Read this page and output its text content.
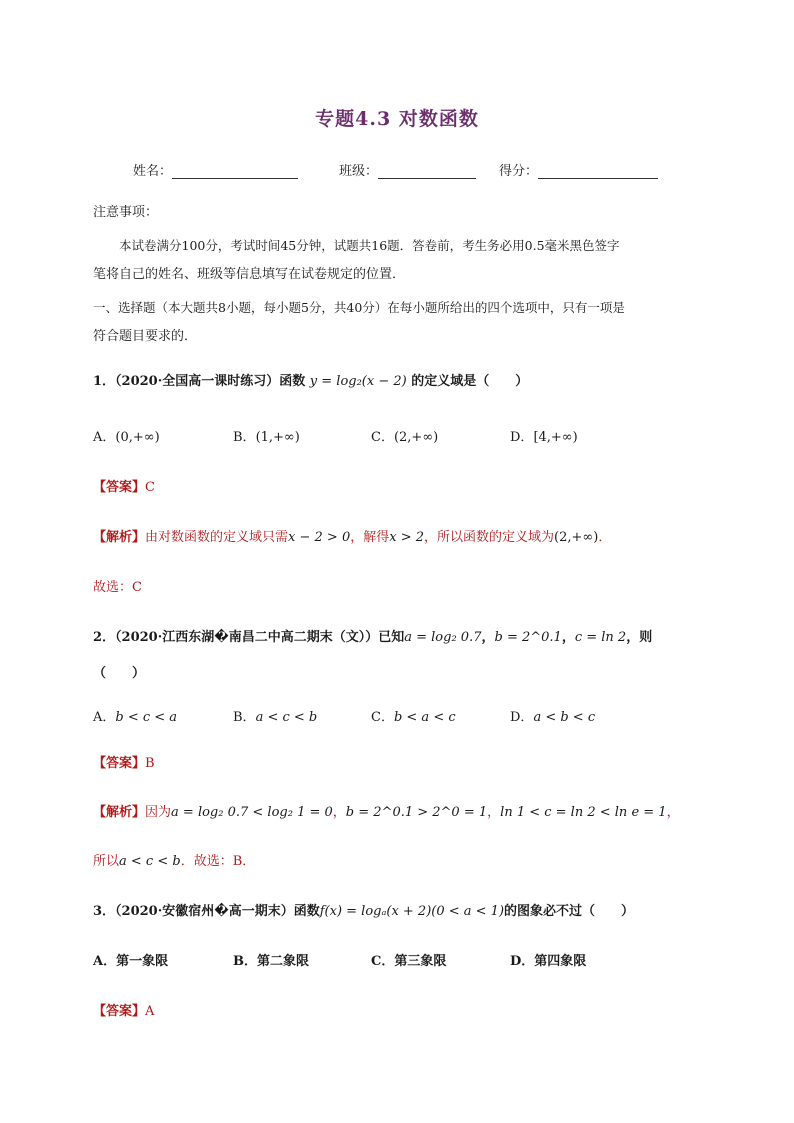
专题4.3 对数函数
姓名：	班级：	得分：
注意事项：
本试卷满分100分，考试时间45分钟，试题共16题．答卷前，考生务必用0.5毫米黑色签字
笔将自己的姓名、班级等信息填写在试卷规定的位置．
一、选择题（本大题共8小题，每小题5分，共40分）在每小题所给出的四个选项中，只有一项是
符合题目要求的．
1．（2020·全国高一课时练习）函数 y = log₂(x − 2) 的定义域是（　　）
A．(0,+∞)	B．(1,+∞)	C．(2,+∞)	D．[4,+∞)
【答案】C
【解析】由对数函数的定义域只需x − 2 > 0，解得x > 2，所以函数的定义域为(2,+∞)．
故选：C
2．（2020·江西东湖�南昌二中高二期末（文））已知a = log₂ 0.7，b = 2^0.1，c = ln 2，则
（　　）
A．b < c < a	B．a < c < b	C．b < a < c	D．a < b < c
【答案】B
【解析】因为a = log₂ 0.7 < log₂ 1 = 0，b = 2^0.1 > 2^0 = 1，ln 1 < c = ln 2 < ln e = 1，
所以a < c < b．故选：B．
3．（2020·安徽宿州�高一期末）函数f(x) = logₐ(x + 2)(0 < a < 1)的图象必不过（　　）
A．第一象限	B．第二象限	C．第三象限	D．第四象限
【答案】A
